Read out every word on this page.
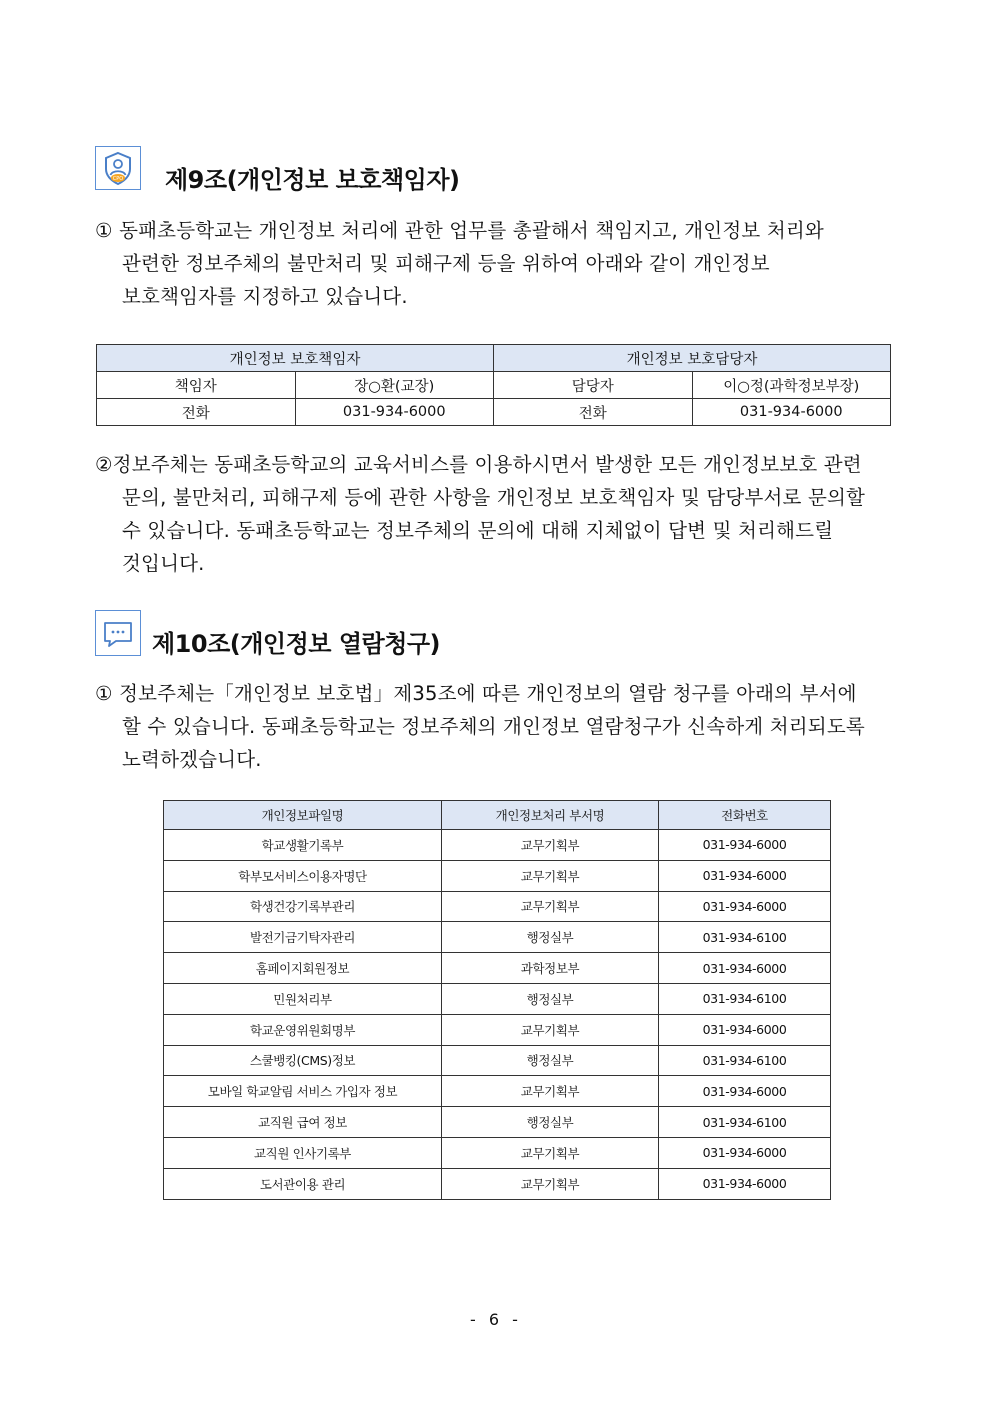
CPO 제9조(개인정보 보호책임자)
① 동패초등학교는 개인정보 처리에 관한 업무를 총괄해서 책임지고, 개인정보 처리와
관련한 정보주체의 불만처리 및 피해구제 등을 위하여 아래와 같이 개인정보
보호책임자를 지정하고 있습니다.
개인정보 보호책임자		개인정보 보호담당자	
책임자	장○환(교장)	담당자	이○정(과학정보부장)
전화	031-934-6000	전화	031-934-6000
②정보주체는 동패초등학교의 교육서비스를 이용하시면서 발생한 모든 개인정보보호 관련
문의, 불만처리, 피해구제 등에 관한 사항을 개인정보 보호책임자 및 담당부서로 문의할
수 있습니다. 동패초등학교는 정보주체의 문의에 대해 지체없이 답변 및 처리해드릴
것입니다.
제10조(개인정보 열람청구)
① 정보주체는「개인정보 보호법」제35조에 따른 개인정보의 열람 청구를 아래의 부서에
할 수 있습니다. 동패초등학교는 정보주체의 개인정보 열람청구가 신속하게 처리되도록
노력하겠습니다.
개인정보파일명	개인정보처리 부서명	전화번호
학교생활기록부	교무기획부	031-934-6000
학부모서비스이용자명단	교무기획부	031-934-6000
학생건강기록부관리	교무기획부	031-934-6000
발전기금기탁자관리	행정실부	031-934-6100
홈페이지회원정보	과학정보부	031-934-6000
민원처리부	행정실부	031-934-6100
학교운영위원회명부	교무기획부	031-934-6000
스쿨뱅킹(CMS)정보	행정실부	031-934-6100
모바일 학교알림 서비스 가입자 정보	교무기획부	031-934-6000
교직원 급여 정보	행정실부	031-934-6100
교직원 인사기록부	교무기획부	031-934-6000
도서관이용 관리	교무기획부	031-934-6000
- 6 -
